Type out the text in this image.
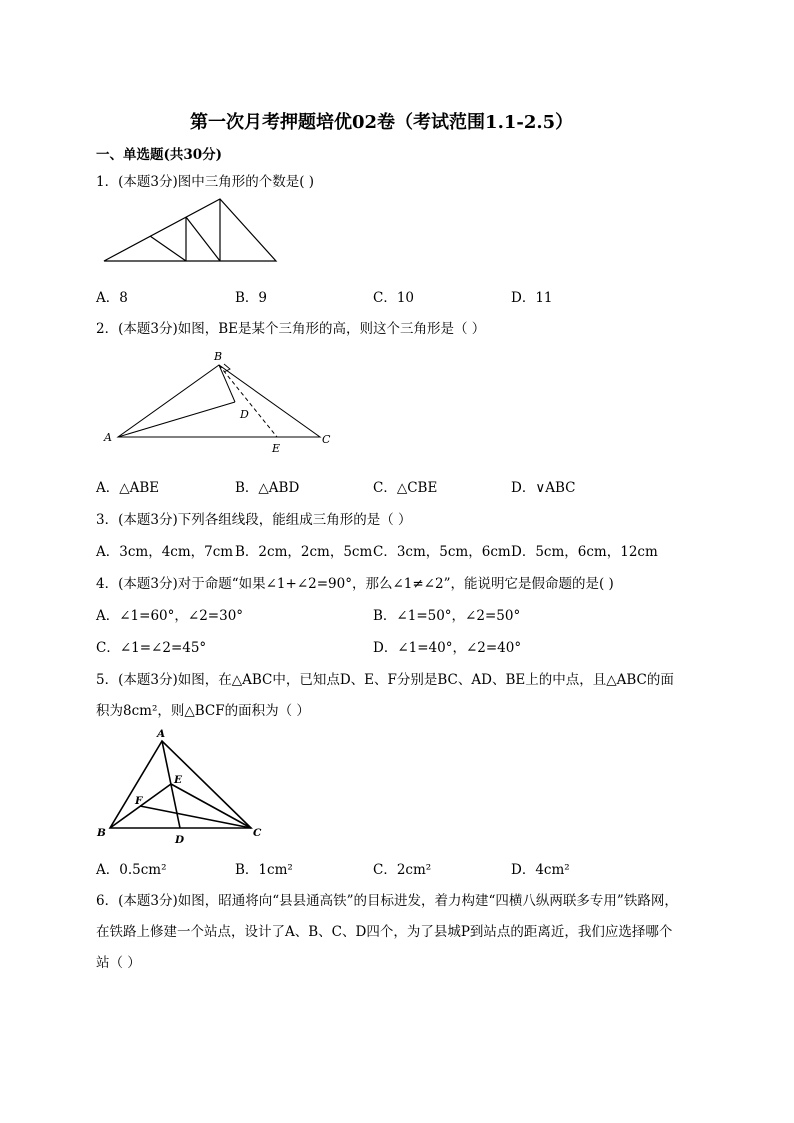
第一次月考押题培优02卷（考试范围1.1-2.5）
一、单选题(共30分)
1．(本题3分)图中三角形的个数是( )
A．8	B．9	C．10	D．11
2．(本题3分)如图，BE是某个三角形的高，则这个三角形是（ ）
A
B
C
D
E
A．△ABE	B．△ABD	C．△CBE	D．∨ABC
3．(本题3分)下列各组线段，能组成三角形的是（ ）
A．3cm，4cm，7cm B．2cm，2cm，5cm C．3cm，5cm，6cm D．5cm，6cm，12cm
4．(本题3分)对于命题“如果∠1+∠2=90°，那么∠1≠∠2”，能说明它是假命题的是( )
A．∠1=60°，∠2=30°	B．∠1=50°，∠2=50°
C．∠1=∠2=45°	D．∠1=40°，∠2=40°
5．(本题3分)如图，在△ABC中，已知点D、E、F分别是BC、AD、BE上的中点，且△ABC的面
积为8cm²，则△BCF的面积为（ ）
A
B	C
D
E
F
A．0.5cm²	B．1cm²	C．2cm²	D．4cm²
6．(本题3分)如图，昭通将向“县县通高铁”的目标进发，着力构建“四横八纵两联多专用”铁路网，
在铁路上修建一个站点，设计了A、B、C、D四个，为了县城P到站点的距离近，我们应选择哪个
站（ ）
